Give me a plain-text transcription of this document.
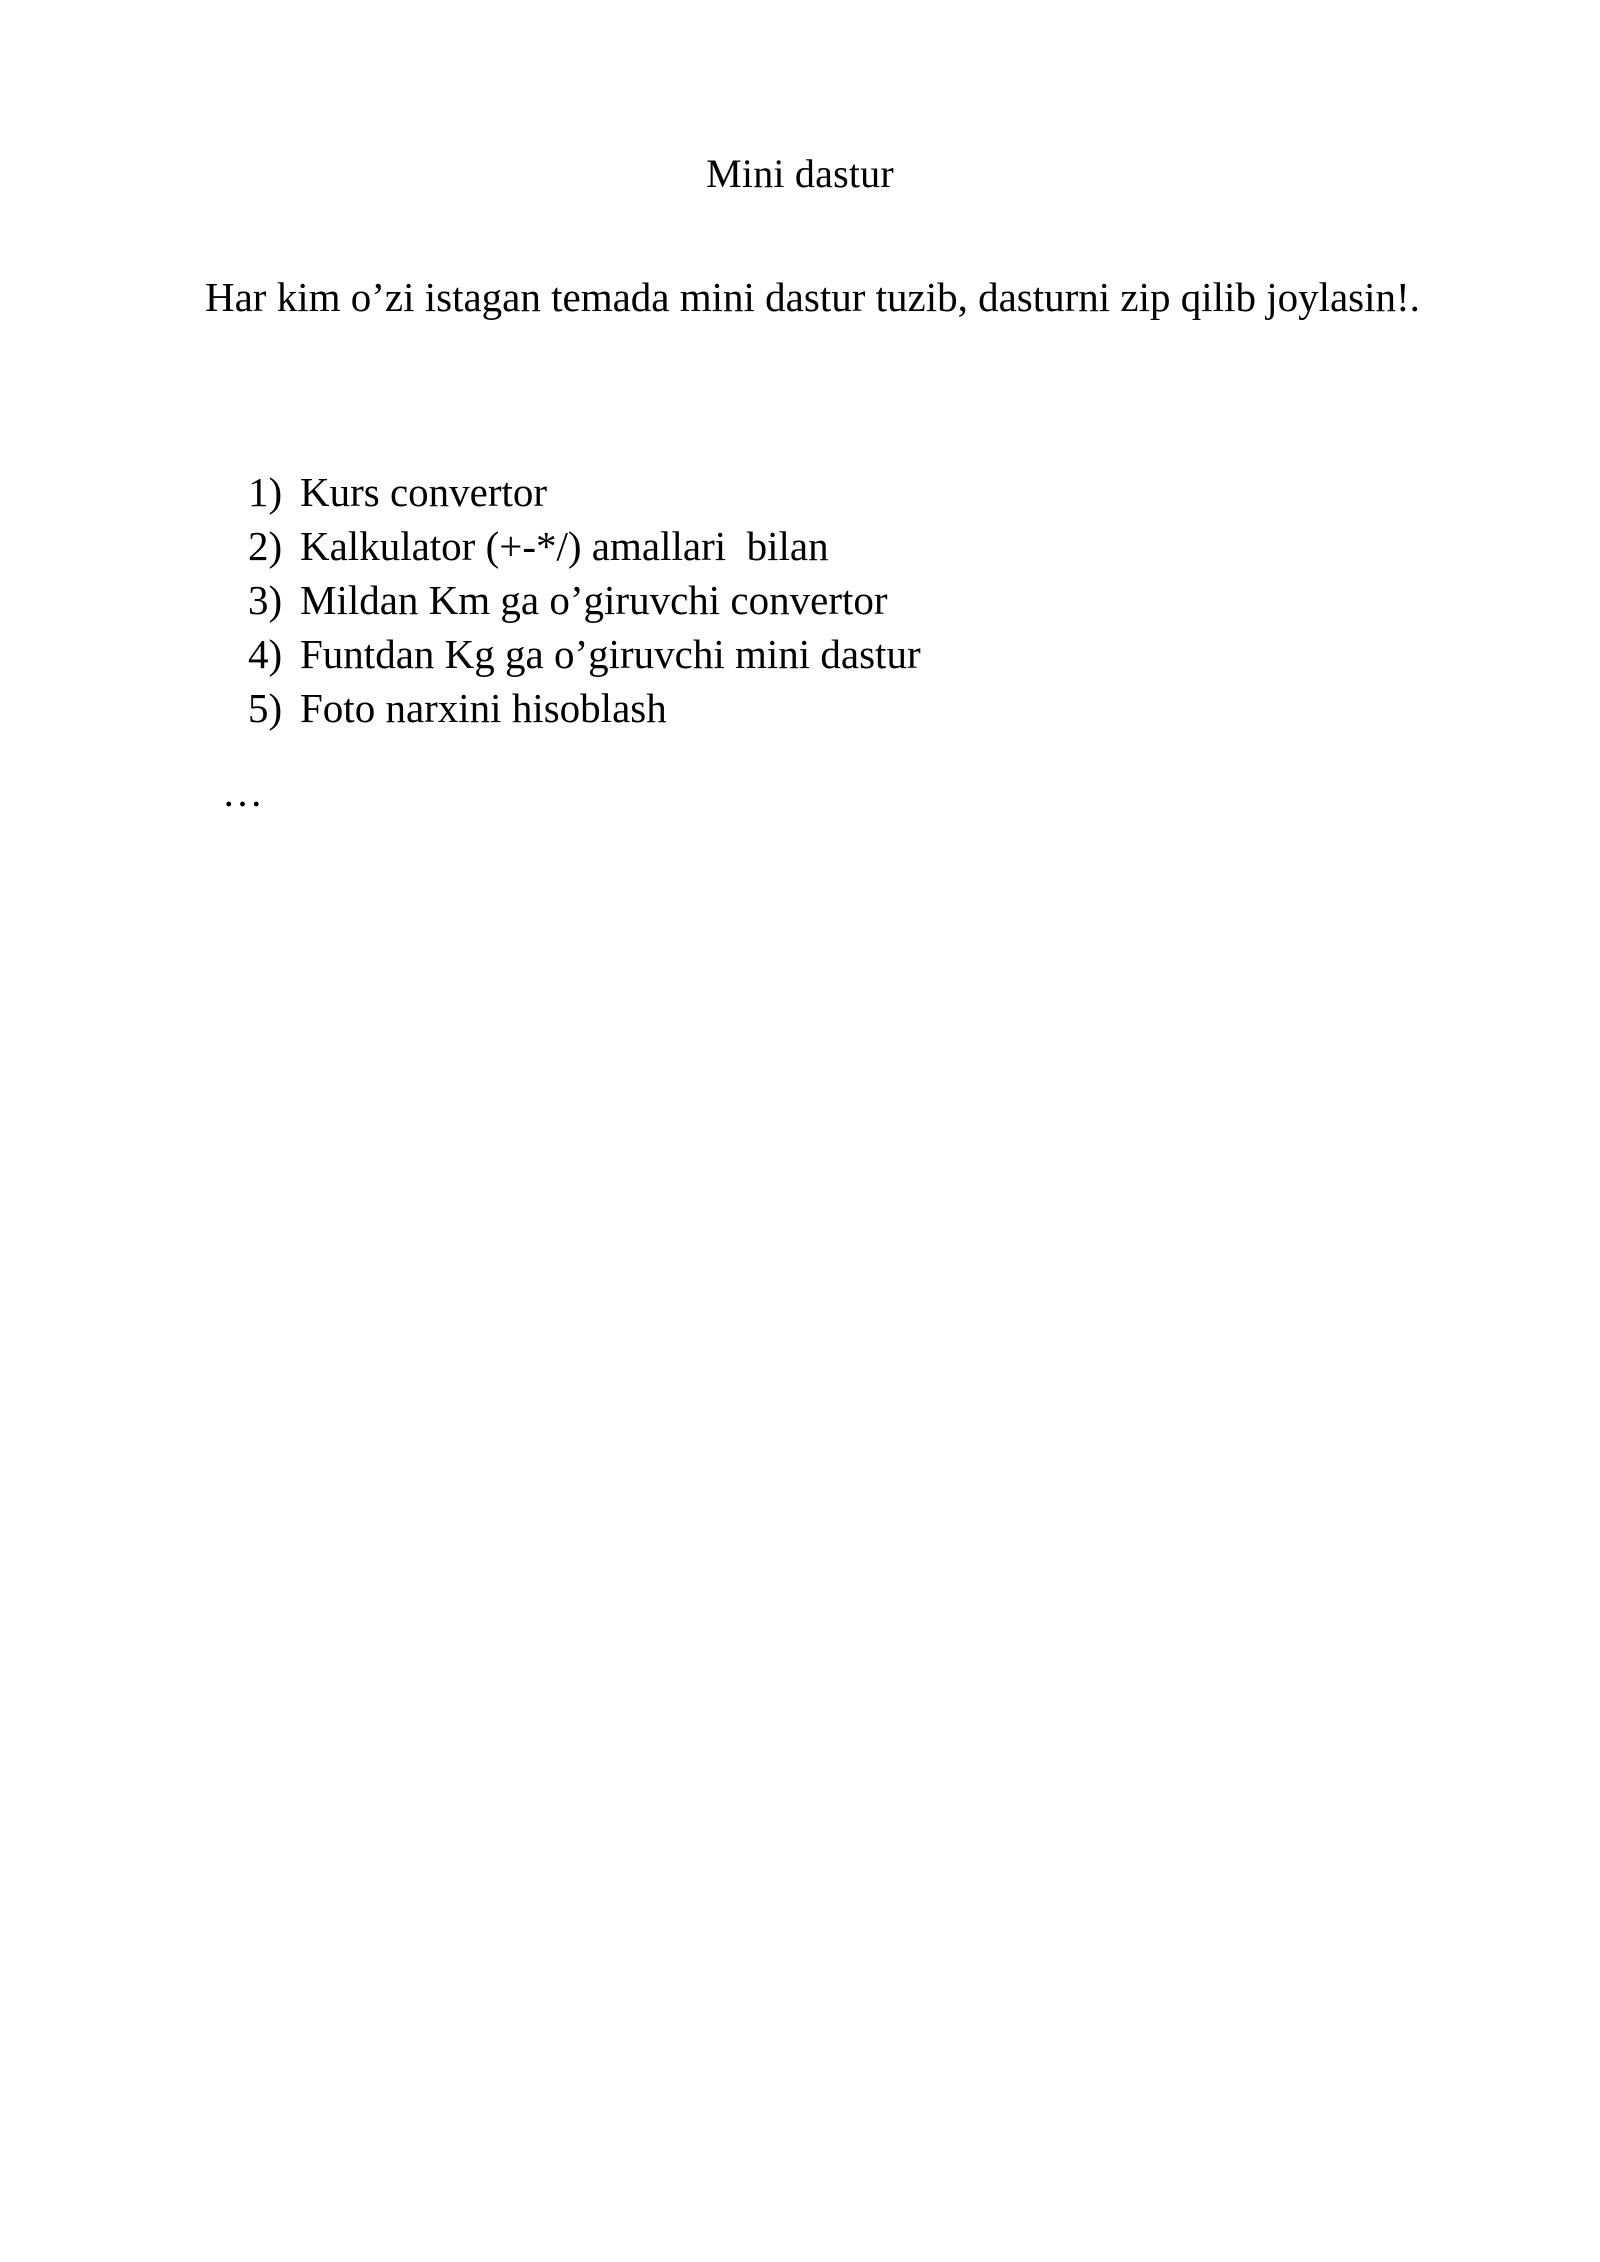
Mini dastur
Har kim o’zi istagan temada mini dastur tuzib, dasturni zip qilib joylasin!.
1) Kurs convertor
2) Kalkulator (+-*/) amallari  bilan
3) Mildan Km ga o’giruvchi convertor
4) Funtdan Kg ga o’giruvchi mini dastur
5) Foto narxini hisoblash
…
